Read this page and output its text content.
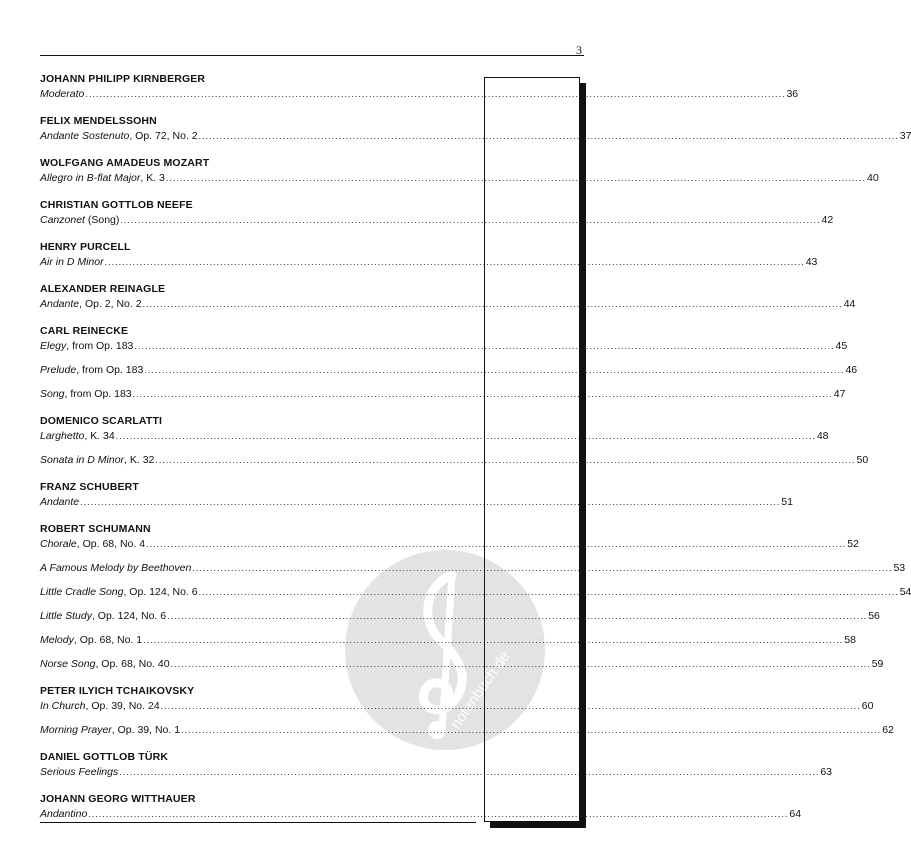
3
notenbuch.de
JOHANN PHILIPP KIRNBERGER
Moderato ........................................................................................................................................................................................................ 36
FELIX MENDELSSOHN
Andante Sostenuto, Op. 72, No. 2 ........................................................................................................................................................................................................ 37
WOLFGANG AMADEUS MOZART
Allegro in B-flat Major, K. 3 ........................................................................................................................................................................................................ 40
CHRISTIAN GOTTLOB NEEFE
Canzonet (Song) ........................................................................................................................................................................................................ 42
HENRY PURCELL
Air in D Minor ........................................................................................................................................................................................................ 43
ALEXANDER REINAGLE
Andante, Op. 2, No. 2 ........................................................................................................................................................................................................ 44
CARL REINECKE
Elegy, from Op. 183 ........................................................................................................................................................................................................ 45
Prelude, from Op. 183 ........................................................................................................................................................................................................ 46
Song, from Op. 183 ........................................................................................................................................................................................................ 47
DOMENICO SCARLATTI
Larghetto, K. 34 ........................................................................................................................................................................................................ 48
Sonata in D Minor, K. 32 ........................................................................................................................................................................................................ 50
FRANZ SCHUBERT
Andante ........................................................................................................................................................................................................ 51
ROBERT SCHUMANN
Chorale, Op. 68, No. 4 ........................................................................................................................................................................................................ 52
A Famous Melody by Beethoven ........................................................................................................................................................................................................ 53
Little Cradle Song, Op. 124, No. 6 ........................................................................................................................................................................................................ 54
Little Study, Op. 124, No. 6 ........................................................................................................................................................................................................ 56
Melody, Op. 68, No. 1 ........................................................................................................................................................................................................ 58
Norse Song, Op. 68, No. 40 ........................................................................................................................................................................................................ 59
PETER ILYICH TCHAIKOVSKY
In Church, Op. 39, No. 24 ........................................................................................................................................................................................................ 60
Morning Prayer, Op. 39, No. 1 ........................................................................................................................................................................................................ 62
DANIEL GOTTLOB TÜRK
Serious Feelings ........................................................................................................................................................................................................ 63
JOHANN GEORG WITTHAUER
Andantino ........................................................................................................................................................................................................ 64
